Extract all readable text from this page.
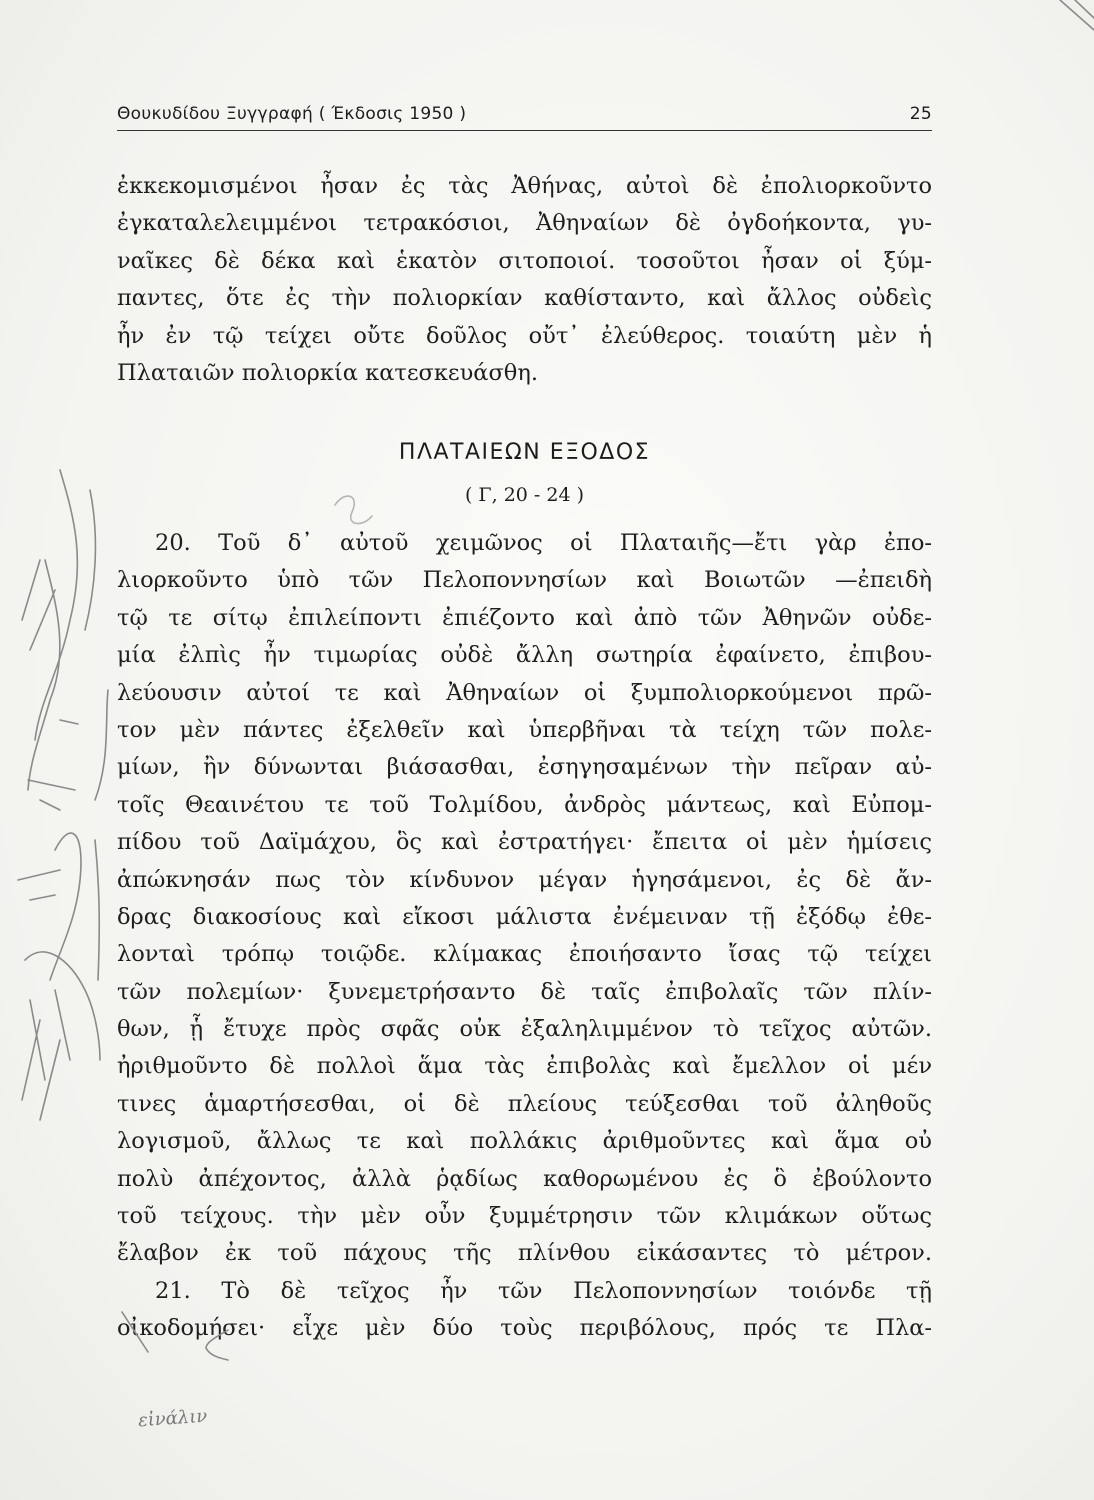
Θουκυδίδου Ξυγγραφή ( Έκδοσις 1950 )	25
ἐκκεκομισμένοι ἦσαν ἐς τὰς Ἀθήνας, αὐτοὶ δὲ ἐπολιορκοῦντο
ἐγκαταλελειμμένοι τετρακόσιοι, Ἀθηναίων δὲ ὀγδοήκοντα, γυ-
ναῖκες δὲ δέκα καὶ ἑκατὸν σιτοποιοί. τοσοῦτοι ἦσαν οἱ ξύμ-
παντες, ὅτε ἐς τὴν πολιορκίαν καθίσταντο, καὶ ἄλλος οὐδεὶς
ἦν ἐν τῷ τείχει οὔτε δοῦλος οὔτ᾽ ἐλεύθερος. τοιαύτη μὲν ἡ
Πλαταιῶν πολιορκία κατεσκευάσθη.
ΠΛΑΤΑΙΕΩΝ ΕΞΟΔΟΣ
( Γ, 20 - 24 )
20. Τοῦ δ᾽ αὐτοῦ χειμῶνος οἱ Πλαταιῆς—ἔτι γὰρ ἐπο-
λιορκοῦντο ὑπὸ τῶν Πελοποννησίων καὶ Βοιωτῶν —ἐπειδὴ
τῷ τε σίτῳ ἐπιλείποντι ἐπιέζοντο καὶ ἀπὸ τῶν Ἀθηνῶν οὐδε-
μία ἐλπὶς ἦν τιμωρίας οὐδὲ ἄλλη σωτηρία ἐφαίνετο, ἐπιβου-
λεύουσιν αὐτοί τε καὶ Ἀθηναίων οἱ ξυμπολιορκούμενοι πρῶ-
τον μὲν πάντες ἐξελθεῖν καὶ ὑπερβῆναι τὰ τείχη τῶν πολε-
μίων, ἢν δύνωνται βιάσασθαι, ἐσηγησαμένων τὴν πεῖραν αὐ-
τοῖς Θεαινέτου τε τοῦ Τολμίδου, ἀνδρὸς μάντεως, καὶ Εὐπομ-
πίδου τοῦ Δαϊμάχου, ὃς καὶ ἐστρατήγει· ἔπειτα οἱ μὲν ἡμίσεις
ἀπώκνησάν πως τὸν κίνδυνον μέγαν ἡγησάμενοι, ἐς δὲ ἄν-
δρας διακοσίους καὶ εἴκοσι μάλιστα ἐνέμειναν τῇ ἐξόδῳ ἐθε-
λονταὶ τρόπῳ τοιῷδε. κλίμακας ἐποιήσαντο ἴσας τῷ τείχει
τῶν πολεμίων· ξυνεμετρήσαντο δὲ ταῖς ἐπιβολαῖς τῶν πλίν-
θων, ᾗ ἔτυχε πρὸς σφᾶς οὐκ ἐξαληλιμμένον τὸ τεῖχος αὐτῶν.
ἠριθμοῦντο δὲ πολλοὶ ἅμα τὰς ἐπιβολὰς καὶ ἔμελλον οἱ μέν
τινες ἁμαρτήσεσθαι, οἱ δὲ πλείους τεύξεσθαι τοῦ ἀληθοῦς
λογισμοῦ, ἄλλως τε καὶ πολλάκις ἀριθμοῦντες καὶ ἅμα οὐ
πολὺ ἀπέχοντος, ἀλλὰ ῥᾳδίως καθορωμένου ἐς ὃ ἐβούλοντο
τοῦ τείχους. τὴν μὲν οὖν ξυμμέτρησιν τῶν κλιμάκων οὕτως
ἔλαβον ἐκ τοῦ πάχους τῆς πλίνθου εἰκάσαντες τὸ μέτρον.
21. Τὸ δὲ τεῖχος ἦν τῶν Πελοποννησίων τοιόνδε τῇ
οἰκοδομήσει· εἶχε μὲν δύο τοὺς περιβόλους, πρός τε Πλα-
εἰνάλιν
